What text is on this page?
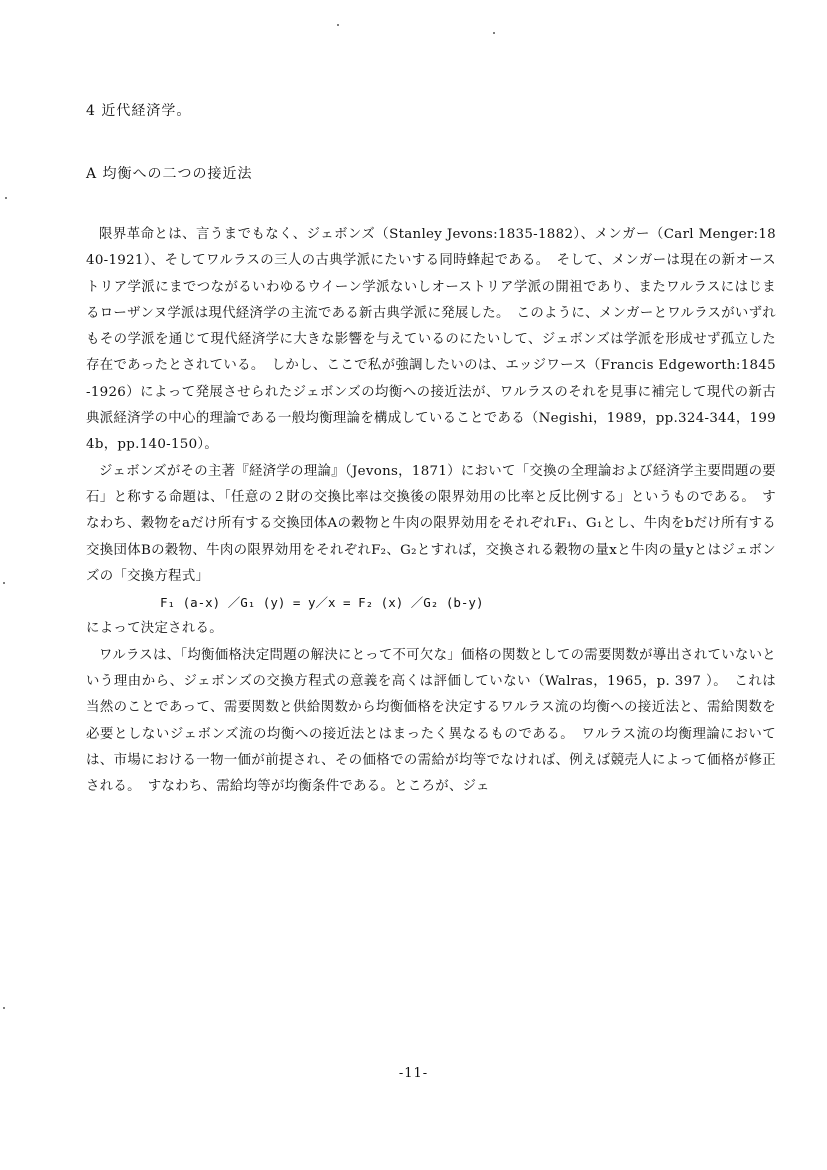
4 近代経済学。
A 均衡への二つの接近法

限界革命とは、言うまでもなく、ジェボンズ（Stanley Jevons:1835-1882）、メンガー（Carl Menger:1840-1921）、そしてワルラスの三人の古典学派にたいする同時蜂起である。　そして、メンガーは現在の新オーストリア学派にまでつながるいわゆるウイーン学派ないしオーストリア学派の開祖であり、またワルラスにはじまるローザンヌ学派は現代経済学の主流である新古典学派に発展した。　このように、メンガーとワルラスがいずれもその学派を通じて現代経済学に大きな影響を与えているのにたいして、ジェボンズは学派を形成せず孤立した存在であったとされている。　しかし、ここで私が強調したいのは、エッジワース（Francis Edgeworth:1845-1926）によって発展させられたジェボンズの均衡への接近法が、ワルラスのそれを見事に補完して現代の新古典派経済学の中心的理論である一般均衡理論を構成していることである（Negishi，1989，pp.324-344，1994b，pp.140-150）。

ジェボンズがその主著『経済学の理論』（Jevons，1871）において「交換の全理論および経済学主要問題の要石」と称する命題は、「任意の２財の交換比率は交換後の限界効用の比率と反比例する」というものである。　すなわち、穀物をaだけ所有する交換団体Aの穀物と牛肉の限界効用をそれぞれF₁、G₁とし、牛肉をbだけ所有する交換団体Bの穀物、牛肉の限界効用をそれぞれF₂、G₂とすれば，交換される穀物の量xと牛肉の量yとはジェボンズの「交換方程式」

F₁ (a-x) ／G₁ (y) = y／x = F₂ (x) ／G₂ (b-y)

によって決定される。

ワルラスは、「均衡価格決定問題の解決にとって不可欠な」価格の関数としての需要関数が導出されていないという理由から、ジェボンズの交換方程式の意義を高くは評価していない（Walras，1965，p. 397 ）。　これは当然のことであって、需要関数と供給関数から均衡価格を決定するワルラス流の均衡への接近法と、需給関数を必要としないジェボンズ流の均衡への接近法とはまったく異なるものである。　ワルラス流の均衡理論においては、市場における一物一価が前提され、その価格での需給が均等でなければ、例えば競売人によって価格が修正される。　すなわち、需給均等が均衡条件である。ところが、ジェ

-11-
